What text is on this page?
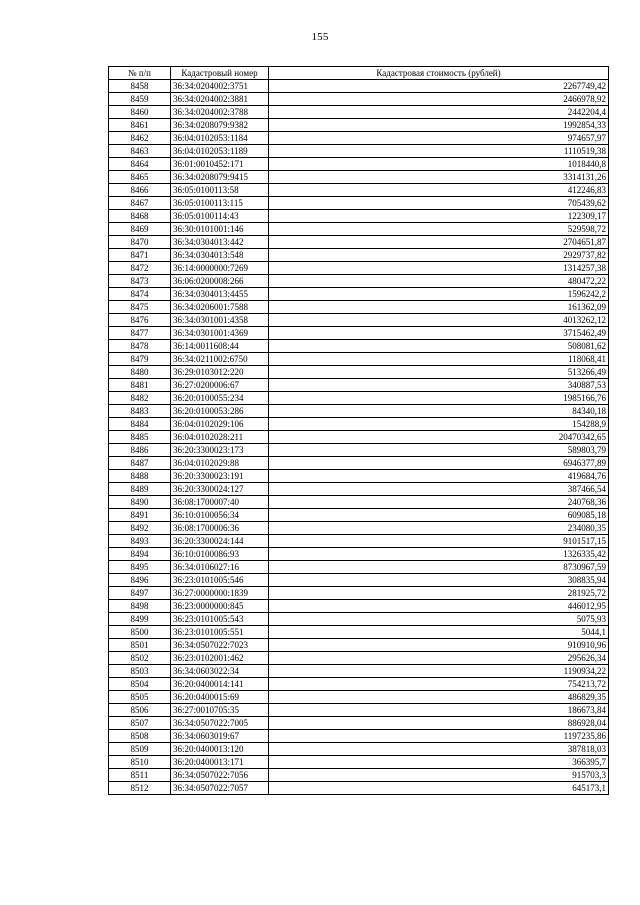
155
№ п/п	Кадастровый номер	Кадастровая стоимость (рублей)
8458	36:34:0204002:3751	2267749,42
8459	36:34:0204002:3881	2466978,92
8460	36:34:0204002:3788	2442204,4
8461	36:34:0208079:9382	1992854,33
8462	36:04:0102053:1184	974657,97
8463	36:04:0102053:1189	1110519,38
8464	36:01:0010452:171	1018440,8
8465	36:34:0208079:9415	3314131,26
8466	36:05:0100113:58	412246,83
8467	36:05:0100113:115	705439,62
8468	36:05:0100114:43	122309,17
8469	36:30:0101001:146	529598,72
8470	36:34:0304013:442	2704651,87
8471	36:34:0304013:548	2929737,82
8472	36:14:0000000:7269	1314257,38
8473	36:06:0200008:266	480472,22
8474	36:34:0304013:4455	1596242,2
8475	36:34:0206001:7588	161362,09
8476	36:34:0301001:4358	4013262,12
8477	36:34:0301001:4369	3715462,49
8478	36:14:0011608:44	508081,62
8479	36:34:0211002:6750	118068,41
8480	36:29:0103012:220	513266,49
8481	36:27:0200006:67	340887,53
8482	36:20:0100055:234	1985166,76
8483	36:20:0100053:286	84340,18
8484	36:04:0102029:106	154288,9
8485	36:04:0102028:211	20470342,65
8486	36:20:3300023:173	589803,79
8487	36:04:0102029:88	6946377,89
8488	36:20:3300023:191	419684,76
8489	36:20:3300024:127	387466,54
8490	36:08:1700007:40	240768,36
8491	36:10:0100056:34	609085,18
8492	36:08:1700006:36	234080,35
8493	36:20:3300024:144	9101517,15
8494	36:10:0100086:93	1326335,42
8495	36:34:0106027:16	8730967,59
8496	36:23:0101005:546	308835,94
8497	36:27:0000000:1839	281925,72
8498	36:23:0000000:845	446012,95
8499	36:23:0101005:543	5075,93
8500	36:23:0101005:551	5044,1
8501	36:34:0507022:7023	910910,96
8502	36:23:0102001:462	295626,34
8503	36:34:0603022:34	1190934,22
8504	36:20:0400014:141	754213,72
8505	36:20:0400015:69	486829,35
8506	36:27:0010705:35	186673,84
8507	36:34:0507022:7005	886928,04
8508	36:34:0603019:67	1197235,86
8509	36:20:0400013:120	387818,03
8510	36:20:0400013:171	366395,7
8511	36:34:0507022:7056	915703,3
8512	36:34:0507022:7057	645173,1
